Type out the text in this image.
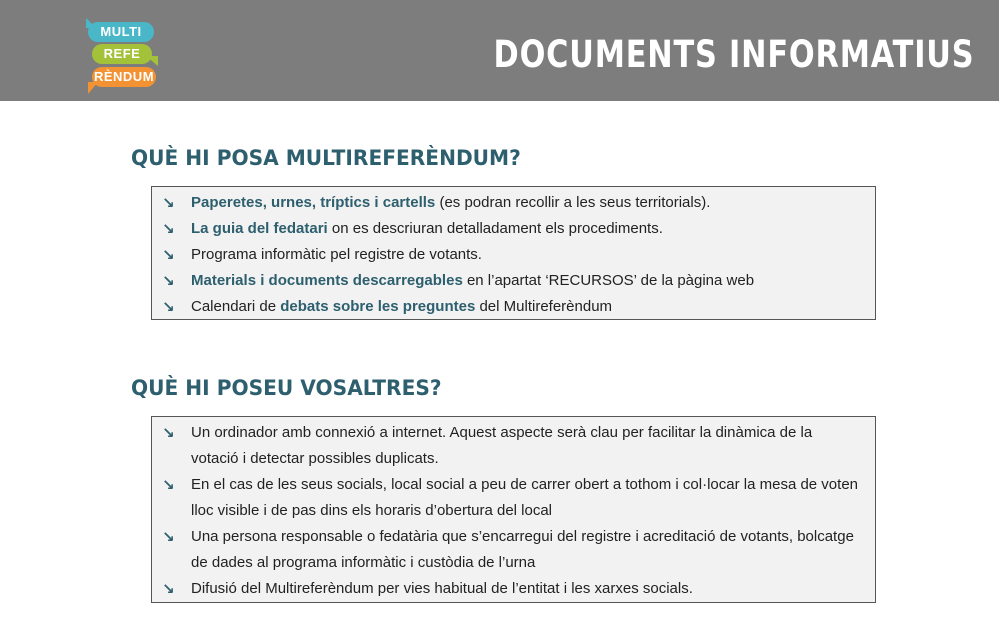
MULTI
REFE
RÈNDUM
DOCUMENTS INFORMATIUS
QUÈ HI POSA MULTIREFERÈNDUM?
↘ Paperetes, urnes, tríptics i cartells (es podran recollir a les seus territorials).
↘ La guia del fedatari on es descriuran detalladament els procediments.
↘ Programa informàtic pel registre de votants.
↘ Materials i documents descarregables en l’apartat ‘RECURSOS’ de la pàgina web
↘ Calendari de debats sobre les preguntes del Multireferèndum
QUÈ HI POSEU VOSALTRES?
↘ Un ordinador amb connexió a internet. Aquest aspecte serà clau per facilitar la dinàmica de la votació i detectar possibles duplicats.
↘ En el cas de les seus socials, local social a peu de carrer obert a tothom i col·locar la mesa de voten lloc visible i de pas dins els horaris d’obertura del local
↘ Una persona responsable o fedatària que s’encarregui del registre i acreditació de votants, bolcatge de dades al programa informàtic i custòdia de l’urna
↘ Difusió del Multireferèndum per vies habitual de l’entitat i les xarxes socials.
